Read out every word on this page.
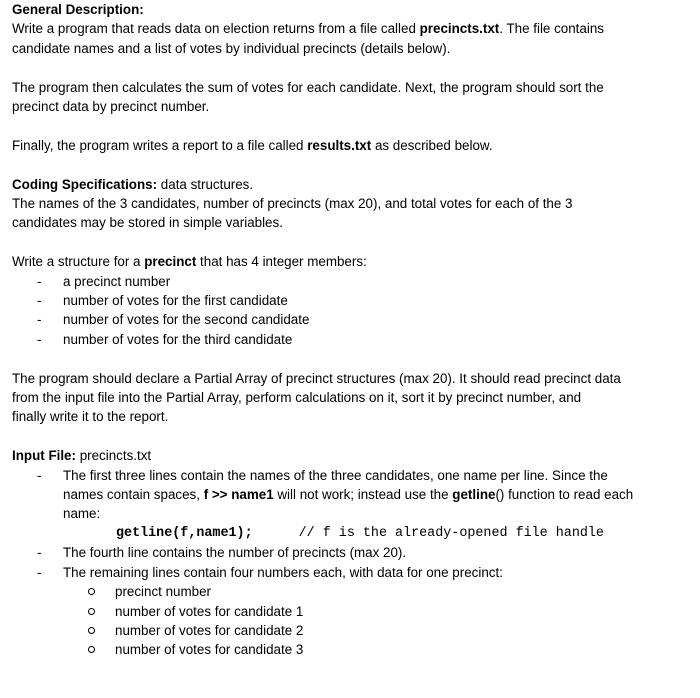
General Description:
Write a program that reads data on election returns from a file called precincts.txt. The file contains
candidate names and a list of votes by individual precincts (details below).
The program then calculates the sum of votes for each candidate. Next, the program should sort the
precinct data by precinct number.
Finally, the program writes a report to a file called results.txt as described below.
Coding Specifications: data structures.
The names of the 3 candidates, number of precincts (max 20), and total votes for each of the 3
candidates may be stored in simple variables.
Write a structure for a precinct that has 4 integer members:
- a precinct number
- number of votes for the first candidate
- number of votes for the second candidate
- number of votes for the third candidate
The program should declare a Partial Array of precinct structures (max 20). It should read precinct data
from the input file into the Partial Array, perform calculations on it, sort it by precinct number, and
finally write it to the report.
Input File: precincts.txt
- The first three lines contain the names of the three candidates, one name per line. Since the
names contain spaces, f >> name1 will not work; instead use the getline() function to read each
name:
getline(f,name1);	// f is the already-opened file handle
- The fourth line contains the number of precincts (max 20).
- The remaining lines contain four numbers each, with data for one precinct:
precinct number
number of votes for candidate 1
number of votes for candidate 2
number of votes for candidate 3
